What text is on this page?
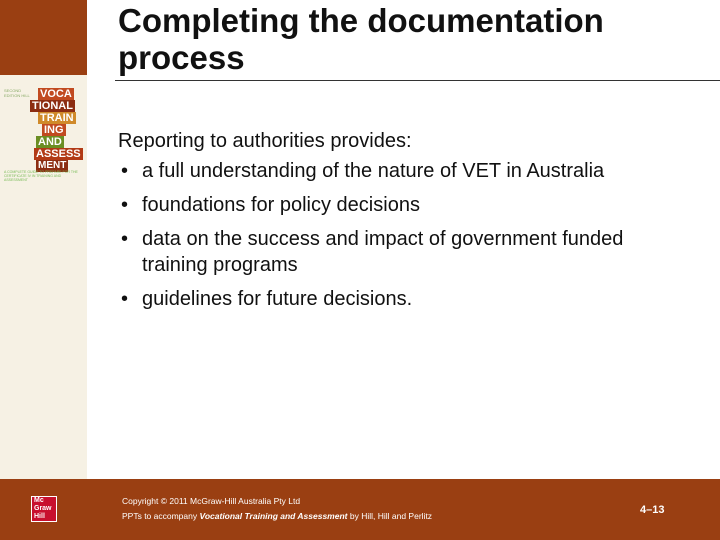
SECOND EDITION HILL VOCA
TIONAL
TRAIN
ING
AND
ASSESS
MENT
A COMPLETE GUIDE TO PREPARE FOR THE CERTIFICATE IV IN TRAINING AND ASSESSMENT
Completing the documentation process

Reporting to authorities provides:

• a full understanding of the nature of VET in Australia
• foundations for policy decisions
• data on the success and impact of government funded training programs
• guidelines for future decisions.
Mc
Graw
Hill
Copyright © 2011 McGraw-Hill Australia Pty Ltd
PPTs to accompany Vocational Training and Assessment by Hill, Hill and Perlitz	4–13
